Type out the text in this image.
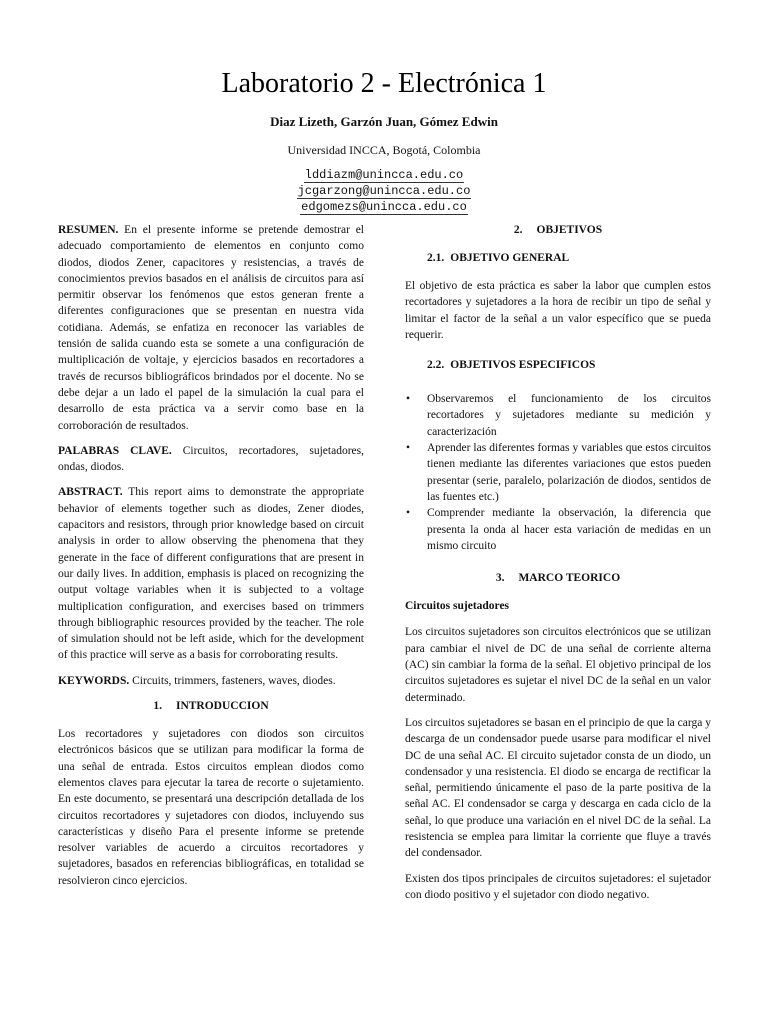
Laboratorio 2 - Electrónica 1
Diaz Lizeth, Garzón Juan, Gómez Edwin
Universidad INCCA, Bogotá, Colombia
lddiazm@unincca.edu.co
jcgarzong@unincca.edu.co
edgomezs@unincca.edu.co

RESUMEN. En el presente informe se pretende demostrar el adecuado comportamiento de elementos en conjunto como diodos, diodos Zener, capacitores y resistencias, a través de conocimientos previos basados en el análisis de circuitos para así permitir observar los fenómenos que estos generan frente a diferentes configuraciones que se presentan en nuestra vida cotidiana. Además, se enfatiza en reconocer las variables de tensión de salida cuando esta se somete a una configuración de multiplicación de voltaje, y ejercicios basados en recortadores a través de recursos bibliográficos brindados por el docente. No se debe dejar a un lado el papel de la simulación la cual para el desarrollo de esta práctica va a servir como base en la corroboración de resultados.

PALABRAS CLAVE. Circuitos, recortadores, sujetadores, ondas, diodos.

ABSTRACT. This report aims to demonstrate the appropriate behavior of elements together such as diodes, Zener diodes, capacitors and resistors, through prior knowledge based on circuit analysis in order to allow observing the phenomena that they generate in the face of different configurations that are present in our daily lives. In addition, emphasis is placed on recognizing the output voltage variables when it is subjected to a voltage multiplication configuration, and exercises based on trimmers through bibliographic resources provided by the teacher. The role of simulation should not be left aside, which for the development of this practice will serve as a basis for corroborating results.

KEYWORDS. Circuits, trimmers, fasteners, waves, diodes.

1. INTRODUCCION

Los recortadores y sujetadores con diodos son circuitos electrónicos básicos que se utilizan para modificar la forma de una señal de entrada. Estos circuitos emplean diodos como elementos claves para ejecutar la tarea de recorte o sujetamiento. En este documento, se presentará una descripción detallada de los circuitos recortadores y sujetadores con diodos, incluyendo sus características y diseño Para el presente informe se pretende resolver variables de acuerdo a circuitos recortadores y sujetadores, basados en referencias bibliográficas, en totalidad se resolvieron cinco ejercicios.

2. OBJETIVOS
2.1. OBJETIVO GENERAL

El objetivo de esta práctica es saber la labor que cumplen estos recortadores y sujetadores a la hora de recibir un tipo de señal y limitar el factor de la señal a un valor específico que se pueda requerir.

2.2. OBJETIVOS ESPECIFICOS
• Observaremos el funcionamiento de los circuitos recortadores y sujetadores mediante su medición y caracterización
• Aprender las diferentes formas y variables que estos circuitos tienen mediante las diferentes variaciones que estos pueden presentar (serie, paralelo, polarización de diodos, sentidos de las fuentes etc.)
• Comprender mediante la observación, la diferencia que presenta la onda al hacer esta variación de medidas en un mismo circuito
3. MARCO TEORICO
Circuitos sujetadores

Los circuitos sujetadores son circuitos electrónicos que se utilizan para cambiar el nivel de DC de una señal de corriente alterna (AC) sin cambiar la forma de la señal. El objetivo principal de los circuitos sujetadores es sujetar el nivel DC de la señal en un valor determinado.

Los circuitos sujetadores se basan en el principio de que la carga y descarga de un condensador puede usarse para modificar el nivel DC de una señal AC. El circuito sujetador consta de un diodo, un condensador y una resistencia. El diodo se encarga de rectificar la señal, permitiendo únicamente el paso de la parte positiva de la señal AC. El condensador se carga y descarga en cada ciclo de la señal, lo que produce una variación en el nivel DC de la señal. La resistencia se emplea para limitar la corriente que fluye a través del condensador.

Existen dos tipos principales de circuitos sujetadores: el sujetador con diodo positivo y el sujetador con diodo negativo.
